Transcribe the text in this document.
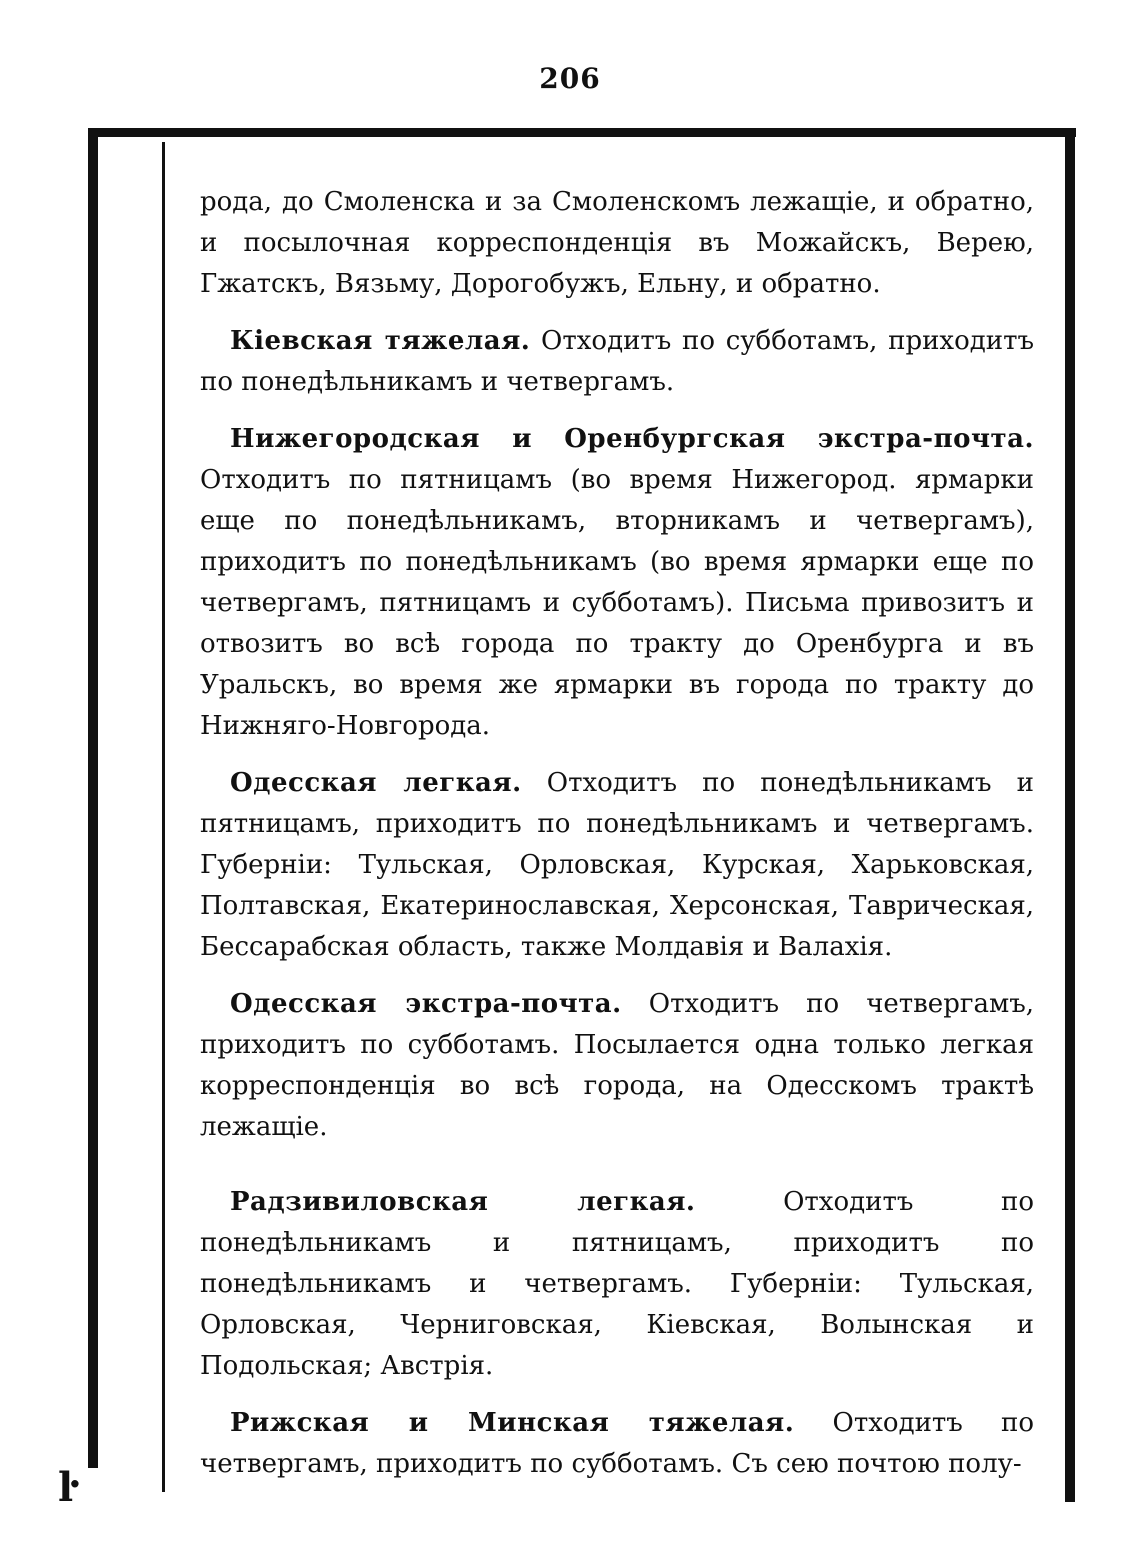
206

рода, до Смоленска и за Смоленскомъ лежащіе, и обратно, и посылочная корреспонденція въ Можайскъ, Верею, Гжатскъ, Вязьму, Дорогобужъ, Ельну, и обратно.

Кіевская тяжелая. Отходитъ по субботамъ, приходитъ по понедѣльникамъ и четвергамъ.

Нижегородская и Оренбургская экстра-почта. Отходитъ по пятницамъ (во время Нижегород. ярмарки еще по понедѣльникамъ, вторникамъ и четвергамъ), приходитъ по понедѣльникамъ (во время ярмарки еще по четвергамъ, пятницамъ и субботамъ). Письма привозитъ и отвозитъ во всѣ города по тракту до Оренбурга и въ Уральскъ, во время же ярмарки въ города по тракту до Нижняго-Новгорода.

Одесская легкая. Отходитъ по понедѣльникамъ и пятницамъ, приходитъ по понедѣльникамъ и четвергамъ. Губерніи: Тульская, Орловская, Курская, Харьковская, Полтавская, Екатеринославская, Херсонская, Таврическая, Бессарабская область, также Молдавія и Валахія.

Одесская экстра-почта. Отходитъ по четвергамъ, приходитъ по субботамъ. Посылается одна только легкая корреспонденція во всѣ города, на Одесскомъ трактѣ лежащіе.

Радзивиловская легкая.	Отходитъ по понедѣльникамъ и пятницамъ, приходитъ по понедѣльникамъ и четвергамъ. Губерніи: Тульская, Орловская, Черниговская, Кіевская, Волынская и Подольская; Австрія.

Рижская и Минская тяжелая. Отходитъ по четвергамъ, приходитъ по субботамъ. Съ сею почтою полу-

ŀ
